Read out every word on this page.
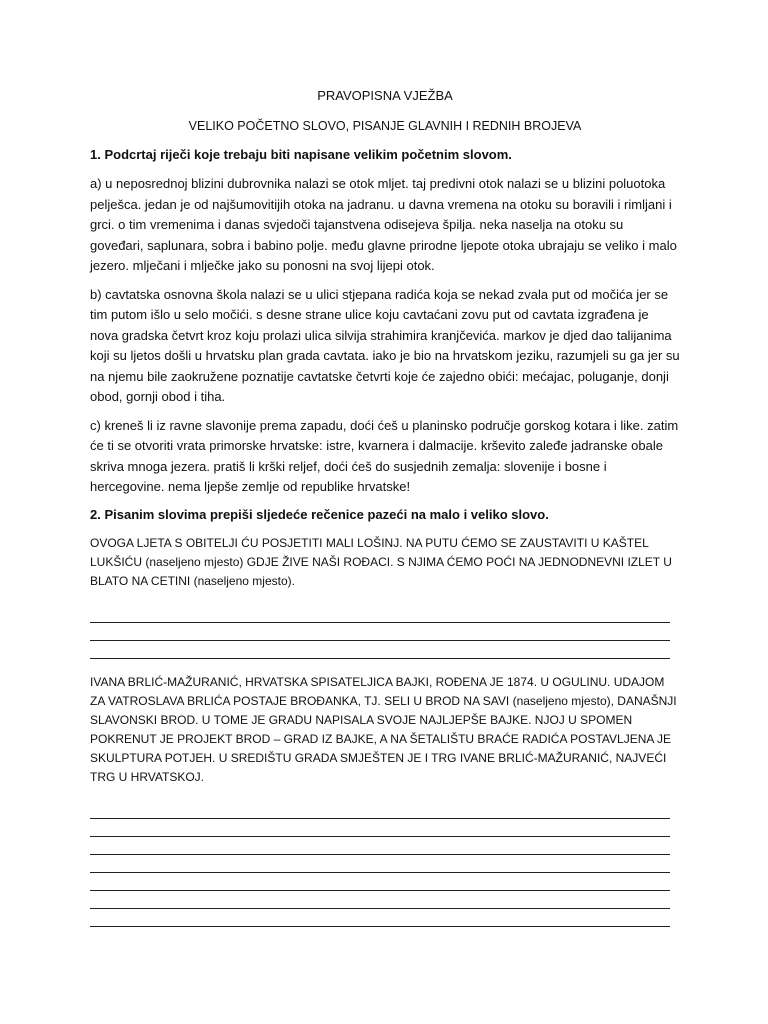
PRAVOPISNA VJEŽBA
VELIKO POČETNO SLOVO, PISANJE GLAVNIH I REDNIH BROJEVA
1. Podcrtaj riječi koje trebaju biti napisane velikim početnim slovom.
a) u neposrednoj blizini dubrovnika nalazi se otok mljet. taj predivni otok nalazi se u blizini poluotoka pelješca. jedan je od najšumovitijih otoka na jadranu. u davna vremena na otoku su boravili i rimljani i grci. o tim vremenima i danas svjedoči tajanstvena odisejeva špilja. neka naselja na otoku su goveđari, saplunara, sobra i babino polje. među glavne prirodne ljepote otoka ubrajaju se veliko i malo jezero. mlječani i mlječke jako su ponosni na svoj lijepi otok.
b) cavtatska osnovna škola nalazi se u ulici stjepana radića koja se nekad zvala put od močića jer se tim putom išlo u selo močići. s desne strane ulice koju cavtaćani zovu put od cavtata izgrađena je nova gradska četvrt kroz koju prolazi ulica silvija strahimira kranjčevića. markov je djed dao talijanima koji su ljetos došli u hrvatsku plan grada cavtata. iako je bio na hrvatskom jeziku, razumjeli su ga jer su na njemu bile zaokružene poznatije cavtatske četvrti koje će zajedno obići: mećajac, poluganje, donji obod, gornji obod i tiha.
c) kreneš li iz ravne slavonije prema zapadu, doći ćeš u planinsko područje gorskog kotara i like. zatim će ti se otvoriti vrata primorske hrvatske: istre, kvarnera i dalmacije. krševito zaleđe jadranske obale skriva mnoga jezera. pratiš li krški reljef, doći ćeš do susjednih zemalja: slovenije i bosne i hercegovine. nema ljepše zemlje od republike hrvatske!
2. Pisanim slovima prepiši sljedeće rečenice pazeći na malo i veliko slovo.
OVOGA LJETA S OBITELJI ĆU POSJETITI MALI LOŠINJ. NA PUTU ĆEMO SE ZAUSTAVITI U KAŠTEL LUKŠIĆU (naseljeno mjesto) GDJE ŽIVE NAŠI ROĐACI. S NJIMA ĆEMO POĆI NA JEDNODNEVNI IZLET U BLATO NA CETINI (naseljeno mjesto).
IVANA BRLIĆ-MAŽURANIĆ, HRVATSKA SPISATELJICA BAJKI, ROĐENA JE 1874. U OGULINU. UDAJOM ZA VATROSLAVA BRLIĆA POSTAJE BROĐANKA, TJ. SELI U BROD NA SAVI (naseljeno mjesto), DANAŠNJI SLAVONSKI BROD. U TOME JE GRADU NAPISALA SVOJE NAJLJEPŠE BAJKE. NJOJ U SPOMEN POKRENUT JE PROJEKT BROD – GRAD IZ BAJKE, A NA ŠETALIŠTU BRAĆE RADIĆA POSTAVLJENA JE SKULPTURA POTJEH. U SREDIŠTU GRADA SMJEŠTEN JE I TRG IVANE BRLIĆ-MAŽURANIĆ, NAJVEĆI TRG U HRVATSKOJ.
